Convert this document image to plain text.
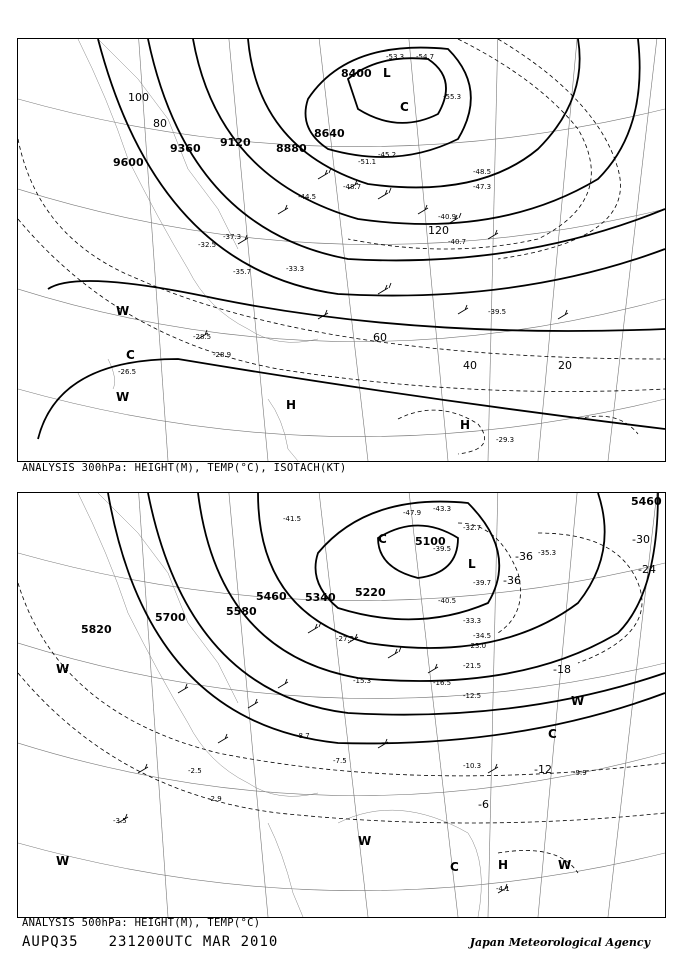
8400
8640
8880
9120
9360
9600
20
40
60
80
100
120
L
C
W
C
W
H
H
-53.3 -54.7
-55.3
-51.1
-48.5
-47.3
-45.2
-48.7
-44.5
-40.9
-40.7
-39.5
-37.3
-35.7	-33.3
-32.5
-28.9
-28.5
-26.5
-29.3
ANALYSIS 300hPa: HEIGHT(M), TEMP(°C), ISOTACH(KT)
5100
5220
5340
5460
5580
5700
5820
5460
-36
-36
-30
-24
-18
-12
-6
L
C
W
W
C
W
W	C	H	W
-47.9 -43.3
-41.5
-39.5
-40.5
-39.7
-35.3
-32.7
-33.3
-34.5
-27.5
-23.0
-21.5
-16.5
-15.3
-12.5
-10.3
-8.7
-7.5
-9.9
-4.1
-2.9
-3.5
-2.5
ANALYSIS 500hPa: HEIGHT(M), TEMP(°C)
AUPQ35 231200UTC MAR 2010	Japan Meteorological Agency
